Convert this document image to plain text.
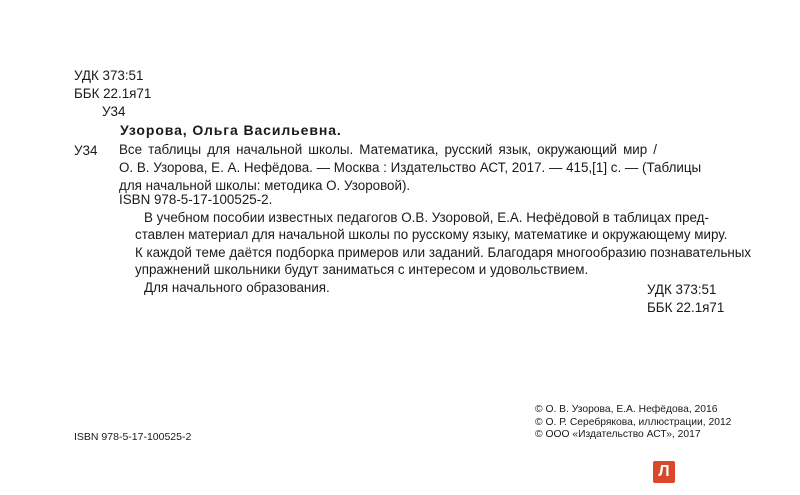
УДК 373:51
ББК 22.1я71
У34
Узорова, Ольга Васильевна.
У34 Все таблицы для начальной школы. Математика, русский язык, окружающий мир /
О. В. Узорова, Е. А. Нефёдова. — Москва : Издательство АСТ, 2017. — 415,[1] с. — (Таблицы
для начальной школы: методика О. Узоровой).
ISBN 978-5-17-100525-2.
В учебном пособии известных педагогов О.В. Узоровой, Е.А. Нефёдовой в таблицах пред-
ставлен материал для начальной школы по русскому языку, математике и окружающему миру.
К каждой теме даётся подборка примеров или заданий. Благодаря многообразию познавательных
упражнений школьники будут заниматься с интересом и удовольствием.
Для начального образования.	УДК 373:51
ББК 22.1я71
ISBN 978-5-17-100525-2
© О. В. Узорова, Е.А. Нефёдова, 2016
© О. Р. Серебрякова, иллюстрации, 2012
© ООО «Издательство АСТ», 2017
Л
